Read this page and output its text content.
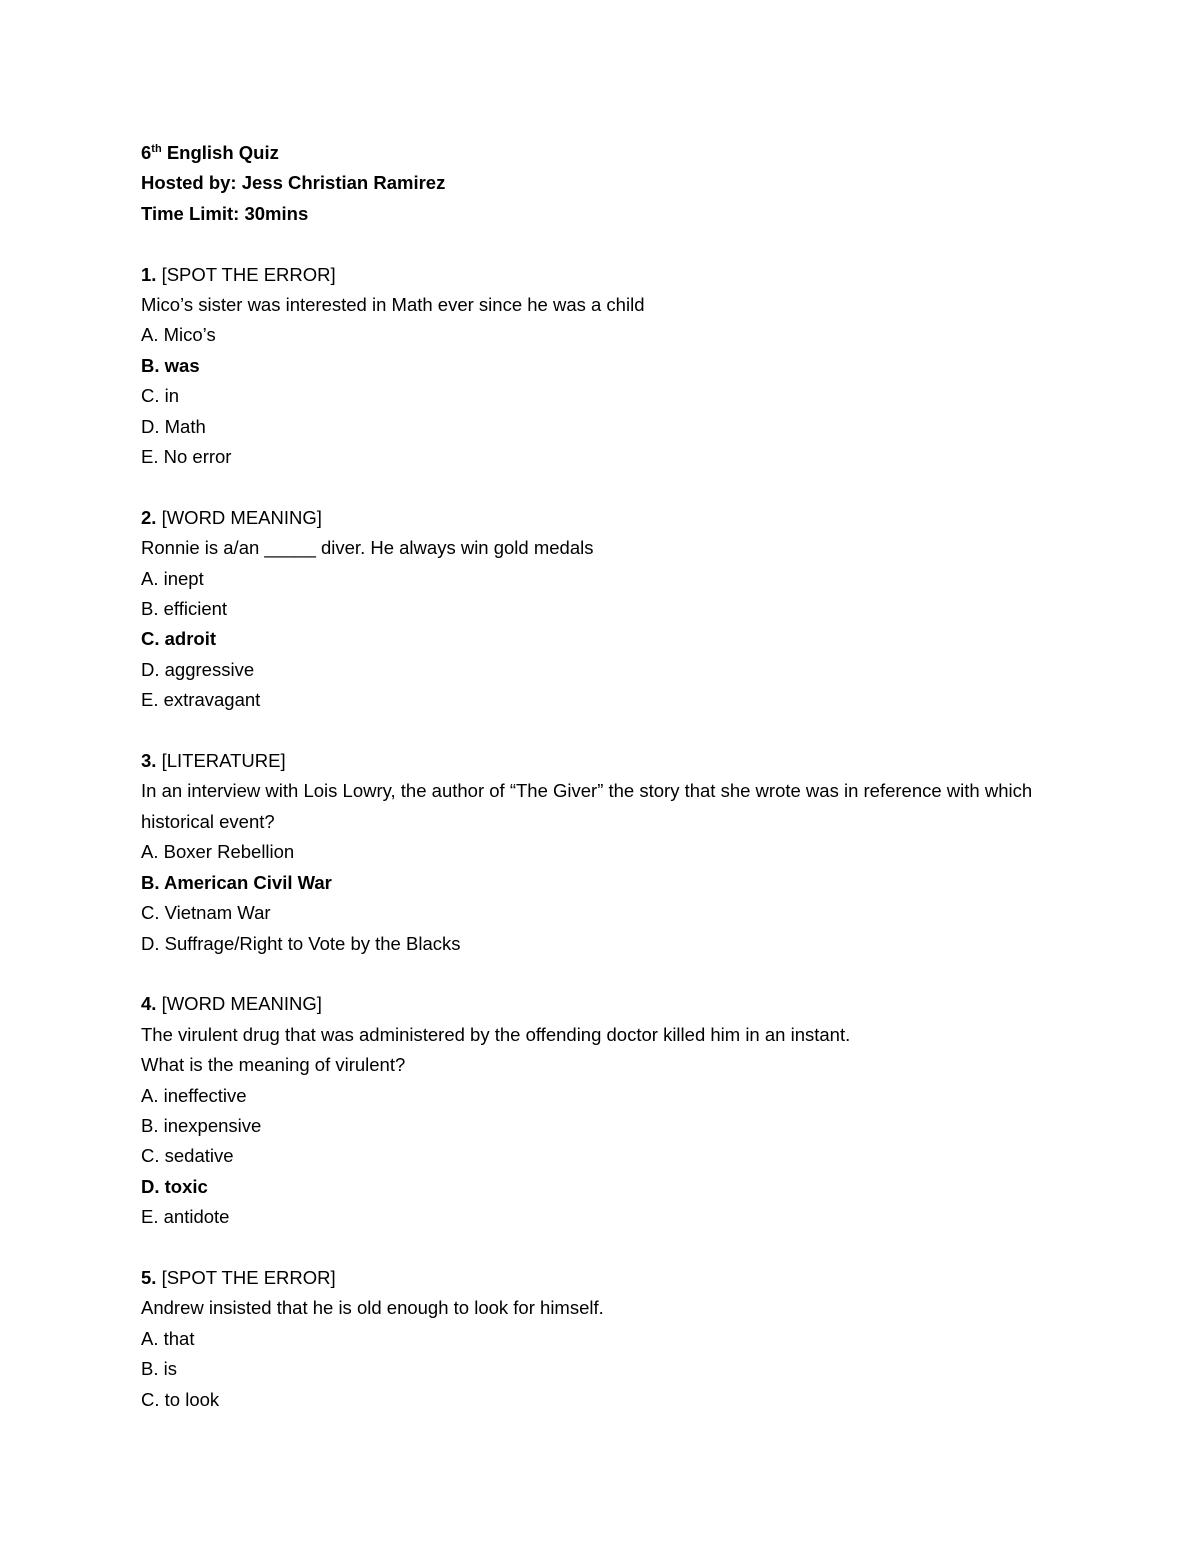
6th English Quiz
Hosted by: Jess Christian Ramirez
Time Limit: 30mins
1. [SPOT THE ERROR]
Mico’s sister was interested in Math ever since he was a child
A. Mico’s
B. was
C. in
D. Math
E. No error
2. [WORD MEANING]
Ronnie is a/an _____ diver. He always win gold medals
A. inept
B. efficient
C. adroit
D. aggressive
E. extravagant
3. [LITERATURE]
In an interview with Lois Lowry, the author of “The Giver” the story that she wrote was in reference with which historical event?
A. Boxer Rebellion
B. American Civil War
C. Vietnam War
D. Suffrage/Right to Vote by the Blacks
4. [WORD MEANING]
The virulent drug that was administered by the offending doctor killed him in an instant.
What is the meaning of virulent?
A. ineffective
B. inexpensive
C. sedative
D. toxic
E. antidote
5. [SPOT THE ERROR]
Andrew insisted that he is old enough to look for himself.
A. that
B. is
C. to look
